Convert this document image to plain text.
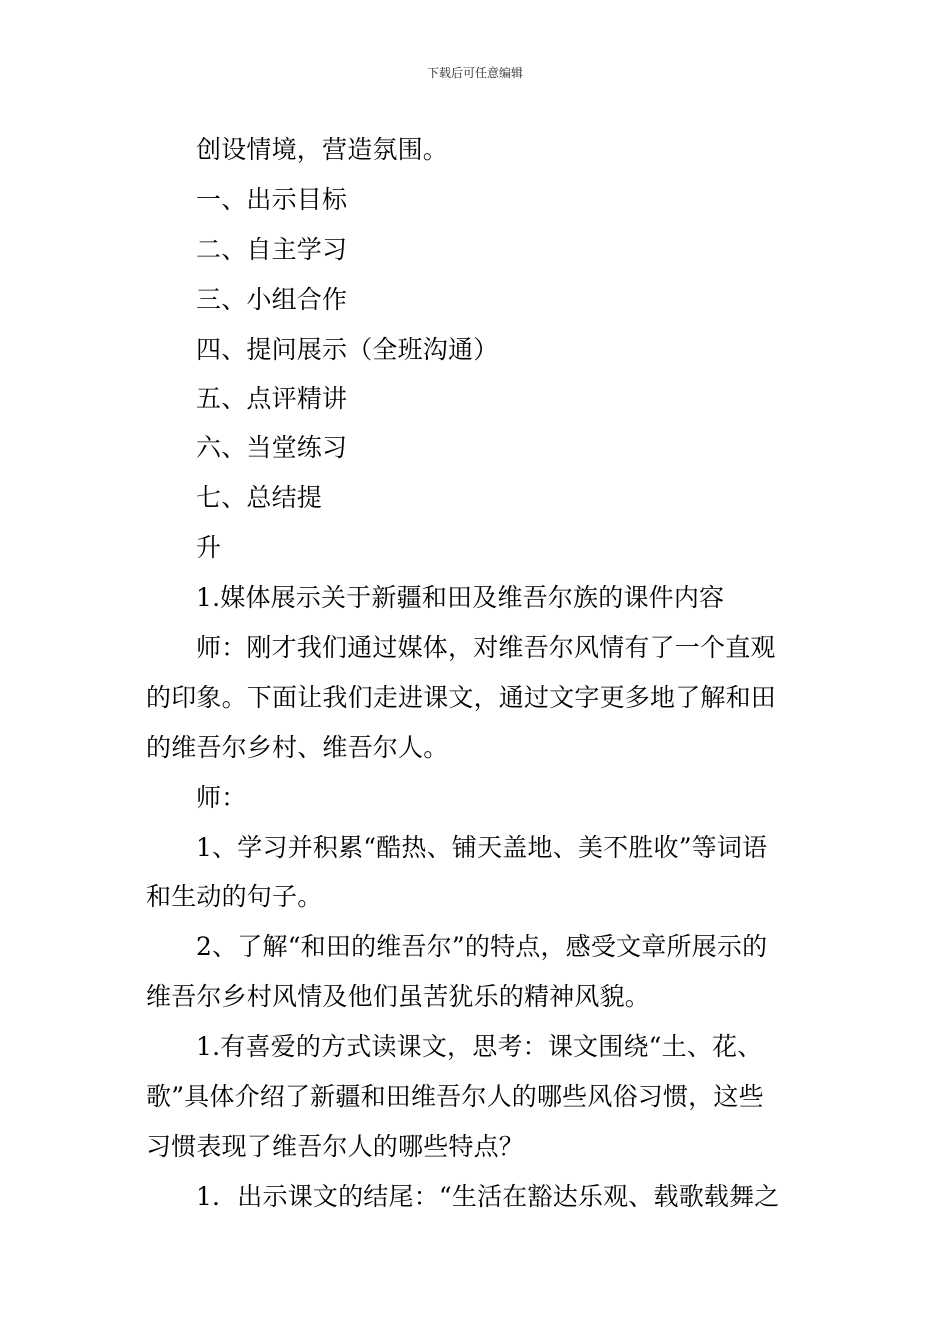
下载后可任意编辑
创设情境，营造氛围。
一、出示目标
二、自主学习
三、小组合作
四、提问展示（全班沟通）
五、点评精讲
六、当堂练习
七、总结提
升
1.媒体展示关于新疆和田及维吾尔族的课件内容
师：刚才我们通过媒体，对维吾尔风情有了一个直观
的印象。下面让我们走进课文，通过文字更多地了解和田
的维吾尔乡村、维吾尔人。
师：
1、学习并积累“酷热、铺天盖地、美不胜收”等词语
和生动的句子。
2、了解“和田的维吾尔”的特点，感受文章所展示的
维吾尔乡村风情及他们虽苦犹乐的精神风貌。
1.有喜爱的方式读课文，思考：课文围绕“土、花、
歌”具体介绍了新疆和田维吾尔人的哪些风俗习惯，这些
习惯表现了维吾尔人的哪些特点？
1．出示课文的结尾：“生活在豁达乐观、载歌载舞之
